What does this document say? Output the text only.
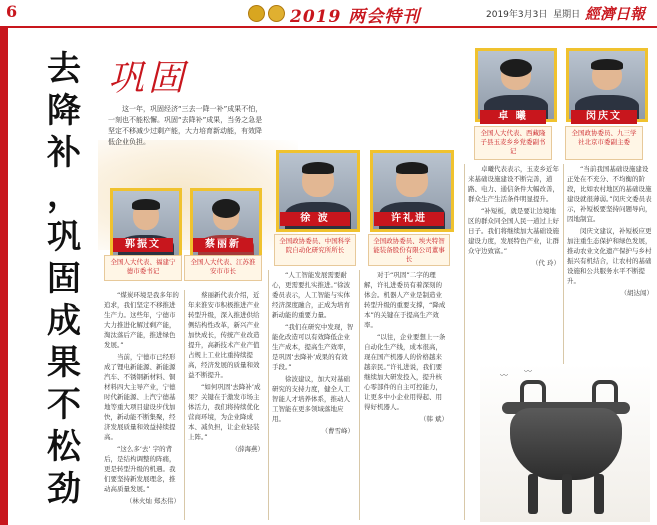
6	2019 两会特刊	2019年3月3日 星期日 經濟日報
去
降
补
，
巩
固
成
果
不
松
劲
巩固
这一年，巩固经济“三去一降一补”成果不怕，一刻也不能松懈。巩固“去降补”成果，当务之急是坚定不移减少过剩产能，大力培育新动能，有效降低企业负担。
郭振文
全国人大代表、福建宁德市委书记
蔡丽新
全国人大代表、江苏淮安市市长
徐 波
全国政协委员、中国科学院自动化研究所所长
许礼进
全国政协委员、埃夫特智能装备股份有限公司董事长
卓 曦
全国人大代表、西藏隆子县玉麦乡乡党委副书记
闵庆文
全国政协委员、九三学社北京市委副主委

“煤炭环境是我多年的追求，我们坚定不移推进生产力。这些年，宁德市大力推进化解过剩产能，淘汰落后产能，推进绿色发展。”

当前，宁德市已经形成了锂电新能源、新能源汽车、不锈钢新材料、铜材料四大主导产业，宁德时代新能源、上汽宁德基地等重大项目建设步伐加快，新动能不断集聚，经济发展质量和效益持续提高。

“这么多‘去’ 字的背后，是结构调整的阵痛，更是转型升级的机遇。我们要坚持新发展理念，推动高质量发展。”

（林火灿 郑杰伟）

蔡丽新代表介绍，近年来淮安市积极推进产业转型升级，深入推进供给侧结构性改革，新兴产业加快成长，传统产业改造提升，高新技术产业产值占规上工业比重持续提高，经济发展的质量和效益不断提升。

“如何巩固‘去降补’成果？关键在于激发市场主体活力，我们将持续优化营商环境，为企业降成本、减负担，让企业轻装上阵。”

（薛海燕）

“人工智能发展需要耐心，更需要扎实推进。”徐波委员表示，人工智能与实体经济深度融合，正成为培育新动能的重要力量。

“我们在研究中发现，智能化改造可以有效降低企业生产成本，提高生产效率，是巩固‘去降补’成果的有效手段。”

徐波建议，加大对基础研究的支持力度，健全人工智能人才培养体系，推动人工智能在更多领域落地应用。

（曹雪峰）

对于“巩固”二字的理解，许礼进委员有着深刻的体会。机器人产业是制造业转型升级的重要支撑，“降成本”的关键在于提高生产效率。

“以往，企业要想上一条自动化生产线，成本很高，现在国产机器人的价格越来越亲民。”许礼进说，我们要继续加大研发投入，提升核心零部件的自主可控能力，让更多中小企业用得起、用得好机器人。

（韩 斌）

卓曦代表表示，玉麦乡近年来基础设施建设不断完善，道路、电力、通信条件大幅改善，群众生产生活条件明显提升。

“补短板，就是要让边境地区的群众同全国人民一道过上好日子。我们将继续加大基础设施建设力度，发展特色产业，让群众守边致富。”

（代 玲）

“当前我国基础设施建设正处在不充分、不均衡的阶段，比如农村地区的基础设施建设就很薄弱。”闵庆文委员表示，补短板要坚持问题导向，因地制宜。

闵庆文建议，补短板应更加注重生态保护和绿色发展，推动农业文化遗产保护与乡村振兴有机结合，让农村的基础设施和公共服务水平不断提升。

（胡达闯）

〰 〰
